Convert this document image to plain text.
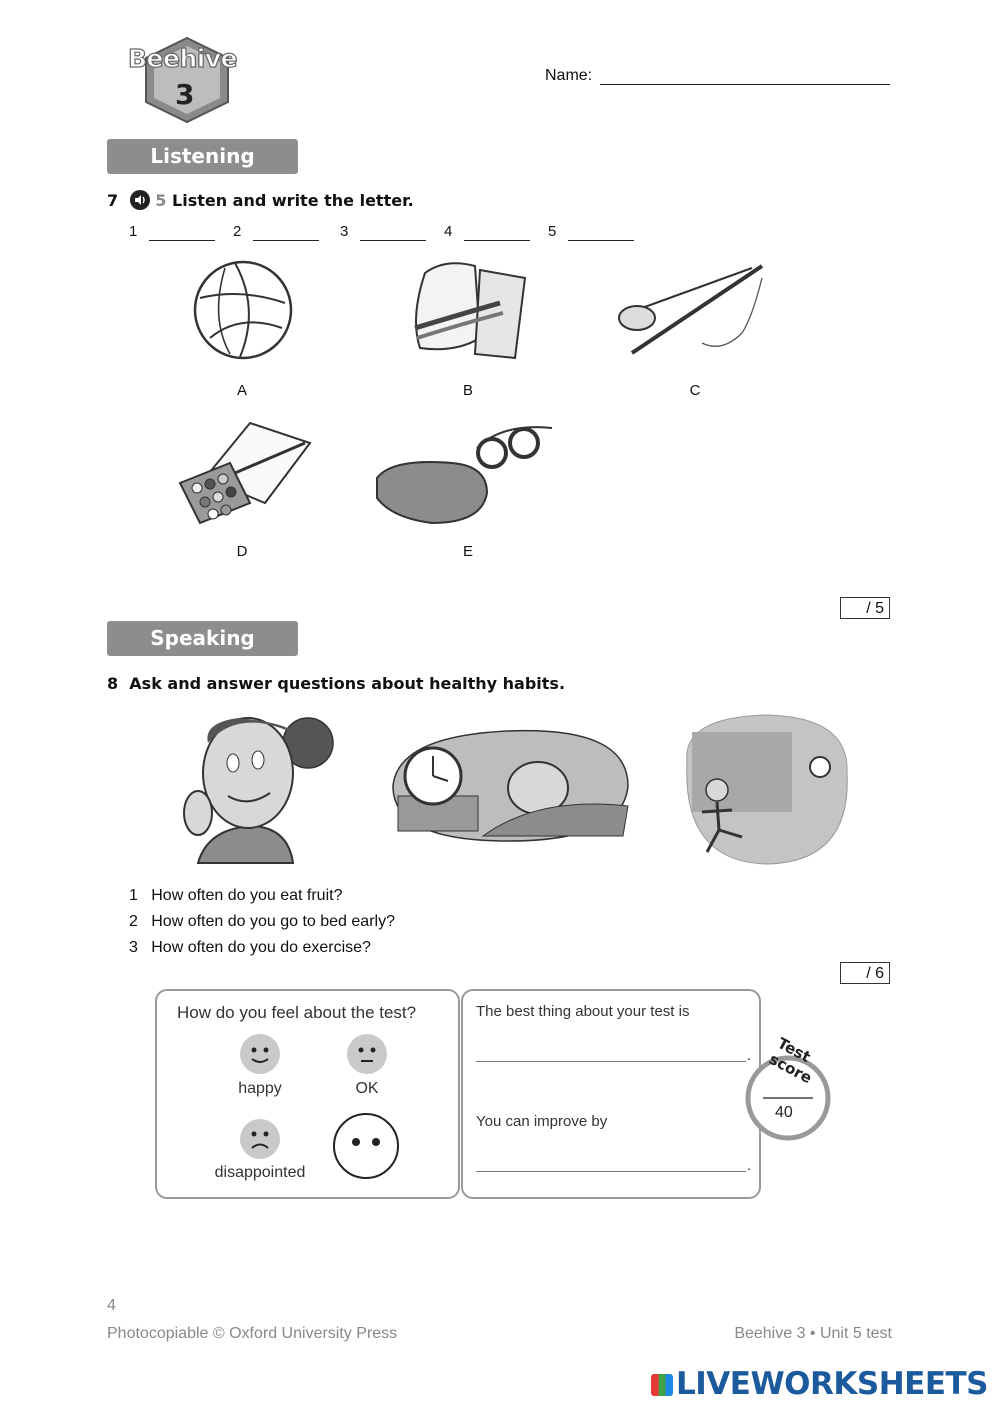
Beehive
3
Name:
Listening
7 5 Listen and write the letter.
1	2	3	4	5
A	B	C
D	E
/ 5
Speaking
8 Ask and answer questions about healthy habits.
1 How often do you eat fruit?
2 How often do you go to bed early?
3 How often do you do exercise?
/ 6
How do you feel about the test?
happy	OK
disappointed
The best thing about your test is
.
You can improve by
.
Test score
40
4
Photocopiable © Oxford University Press	Beehive 3 • Unit 5 test
LIVEWORKSHEETS
